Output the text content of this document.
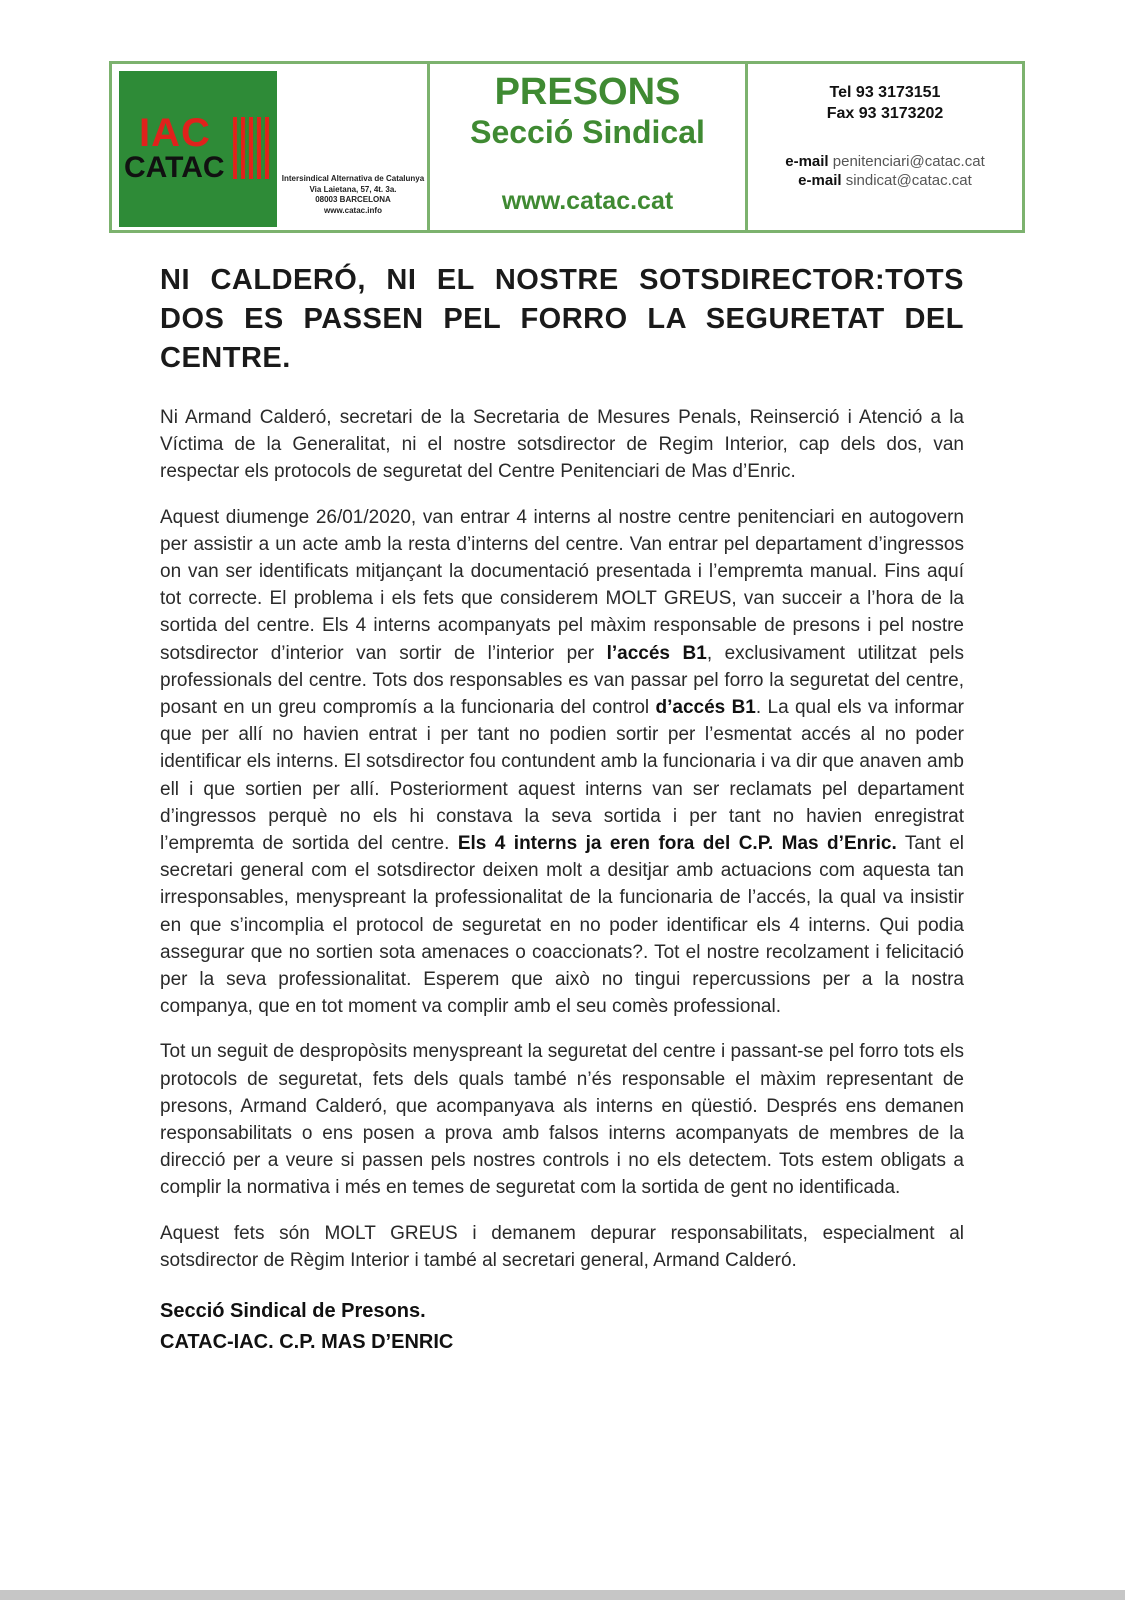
IAC
CATAC	Intersindical Alternativa de Catalunya
Via Laietana, 57, 4t. 3a.
08003 BARCELONA
www.catac.info
PRESONS
Secció Sindical
www.catac.cat
Tel 93 3173151
Fax 93 3173202
e-mail penitenciari@catac.cat
e-mail sindicat@catac.cat
NI CALDERÓ, NI EL NOSTRE SOTSDIRECTOR:TOTS DOS ES PASSEN PEL FORRO LA SEGURETAT DEL CENTRE.

Ni Armand Calderó, secretari de la Secretaria de Mesures Penals, Reinserció i Atenció a la Víctima de la Generalitat, ni el nostre sotsdirector de Regim Interior, cap dels dos, van respectar els protocols de seguretat del Centre Penitenciari de Mas d’Enric.

Aquest diumenge 26/01/2020, van entrar 4 interns al nostre centre penitenciari en autogovern per assistir a un acte amb la resta d’interns del centre. Van entrar pel departament d’ingressos on van ser identificats mitjançant la documentació presentada i l’empremta manual. Fins aquí tot correcte. El problema i els fets que considerem MOLT GREUS, van succeir a l’hora de la sortida del centre. Els 4 interns acompanyats pel màxim responsable de presons i pel nostre sotsdirector d’interior van sortir de l’interior per l’accés B1, exclusivament utilitzat pels professionals del centre. Tots dos responsables es van passar pel forro la seguretat del centre, posant en un greu compromís a la funcionaria del control d’accés B1. La qual els va informar que per allí no havien entrat i per tant no podien sortir per l’esmentat accés al no poder identificar els interns. El sotsdirector fou contundent amb la funcionaria i va dir que anaven amb ell i que sortien per allí. Posteriorment aquest interns van ser reclamats pel departament d’ingressos perquè no els hi constava la seva sortida i per tant no havien enregistrat l’empremta de sortida del centre. Els 4 interns ja eren fora del C.P. Mas d’Enric. Tant el secretari general com el sotsdirector deixen molt a desitjar amb actuacions com aquesta tan irresponsables, menyspreant la professionalitat de la funcionaria de l’accés, la qual va insistir en que s’incomplia el protocol de seguretat en no poder identificar els 4 interns. Qui podia assegurar que no sortien sota amenaces o coaccionats?. Tot el nostre recolzament i felicitació per la seva professionalitat. Esperem que això no tingui repercussions per a la nostra companya, que en tot moment va complir amb el seu comès professional.

Tot un seguit de despropòsits menyspreant la seguretat del centre i passant-se pel forro tots els protocols de seguretat, fets dels quals també n’és responsable el màxim representant de presons, Armand Calderó, que acompanyava als interns en qüestió. Després ens demanen responsabilitats o ens posen a prova amb falsos interns acompanyats de membres de la direcció per a veure si passen pels nostres controls i no els detectem. Tots estem obligats a complir la normativa i més en temes de seguretat com la sortida de gent no identificada.

Aquest fets són MOLT GREUS i demanem depurar responsabilitats, especialment al sotsdirector de Règim Interior i també al secretari general, Armand Calderó.

Secció Sindical de Presons.
CATAC-IAC. C.P. MAS D’ENRIC
